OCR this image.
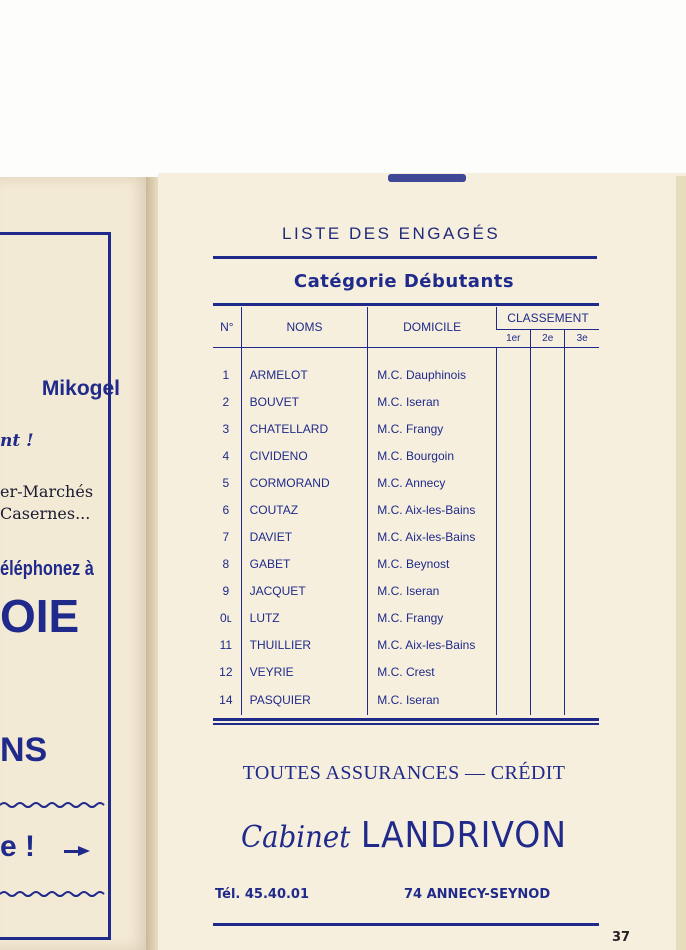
Mikogel
nt !
er-Marchés
Casernes...
éléphonez à
OIE
NS
e !
LISTE DES ENGAGÉS
Catégorie Débutants
N°	NOMS	DOMICILE	CLASSEMENT		
			1er	2e	3e

1	ARMELOT	M.C. Dauphinois			
2	BOUVET	M.C. Iseran			
3	CHATELLARD	M.C. Frangy			
4	CIVIDENO	M.C. Bourgoin			
5	CORMORAND	M.C. Annecy			
6	COUTAZ	M.C. Aix-les-Bains			
7	DAVIET	M.C. Aix-les-Bains			
8	GABET	M.C. Beynost			
9	JACQUET	M.C. Iseran			
0ʟ	LUTZ	M.C. Frangy			
11	THUILLIER	M.C. Aix-les-Bains			
12	VEYRIE	M.C. Crest			
14	PASQUIER	M.C. Iseran			
TOUTES ASSURANCES — CRÉDIT
Cabinet LANDRIVON
Tél. 45.40.01	74 ANNECY-SEYNOD
37
